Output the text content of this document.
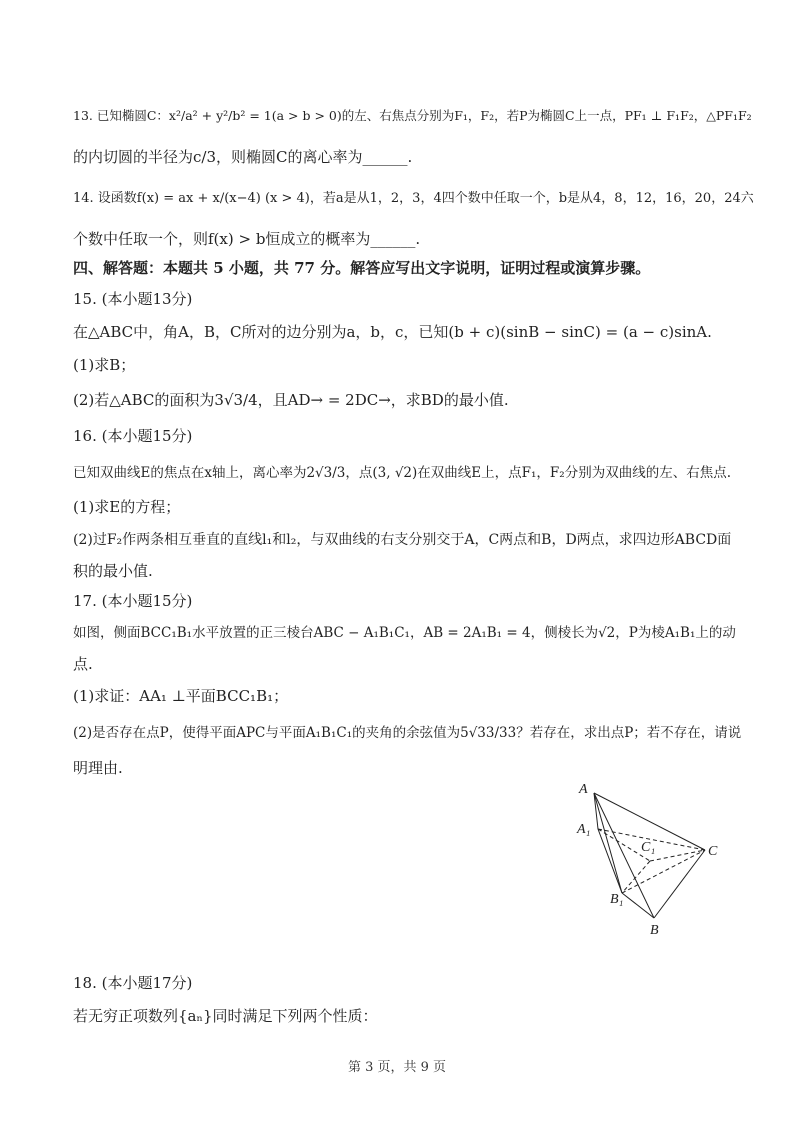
13. 已知椭圆C：x²/a² + y²/b² = 1(a > b > 0)的左、右焦点分别为F₁，F₂，若P为椭圆C上一点，PF₁ ⊥ F₁F₂，△PF₁F₂
的内切圆的半径为c/3，则椭圆C的离心率为______.
14. 设函数f(x) = ax + x/(x−4) (x > 4)，若a是从1，2，3，4四个数中任取一个，b是从4，8，12，16，20，24六
个数中任取一个，则f(x) > b恒成立的概率为______.
四、解答题：本题共 5 小题，共 77 分。解答应写出文字说明，证明过程或演算步骤。
15. (本小题13分)
在△ABC中，角A，B，C所对的边分别为a，b，c，已知(b + c)(sinB − sinC) = (a − c)sinA.
(1)求B；
(2)若△ABC的面积为3√3/4，且AD→ = 2DC→，求BD的最小值.
16. (本小题15分)
已知双曲线E的焦点在x轴上，离心率为2√3/3，点(3, √2)在双曲线E上，点F₁，F₂分别为双曲线的左、右焦点.
(1)求E的方程；
(2)过F₂作两条相互垂直的直线l₁和l₂，与双曲线的右支分别交于A，C两点和B，D两点，求四边形ABCD面
积的最小值.
17. (本小题15分)
如图，侧面BCC₁B₁水平放置的正三棱台ABC − A₁B₁C₁，AB = 2A₁B₁ = 4，侧棱长为√2，P为棱A₁B₁上的动
点.
(1)求证：AA₁ ⊥平面BCC₁B₁；
(2)是否存在点P，使得平面APC与平面A₁B₁C₁的夹角的余弦值为5√33/33？若存在，求出点P；若不存在，请说
明理由.
A
A₁
C₁	C
B₁
B
18. (本小题17分)
若无穷正项数列{aₙ}同时满足下列两个性质：
第 3 页，共 9 页
